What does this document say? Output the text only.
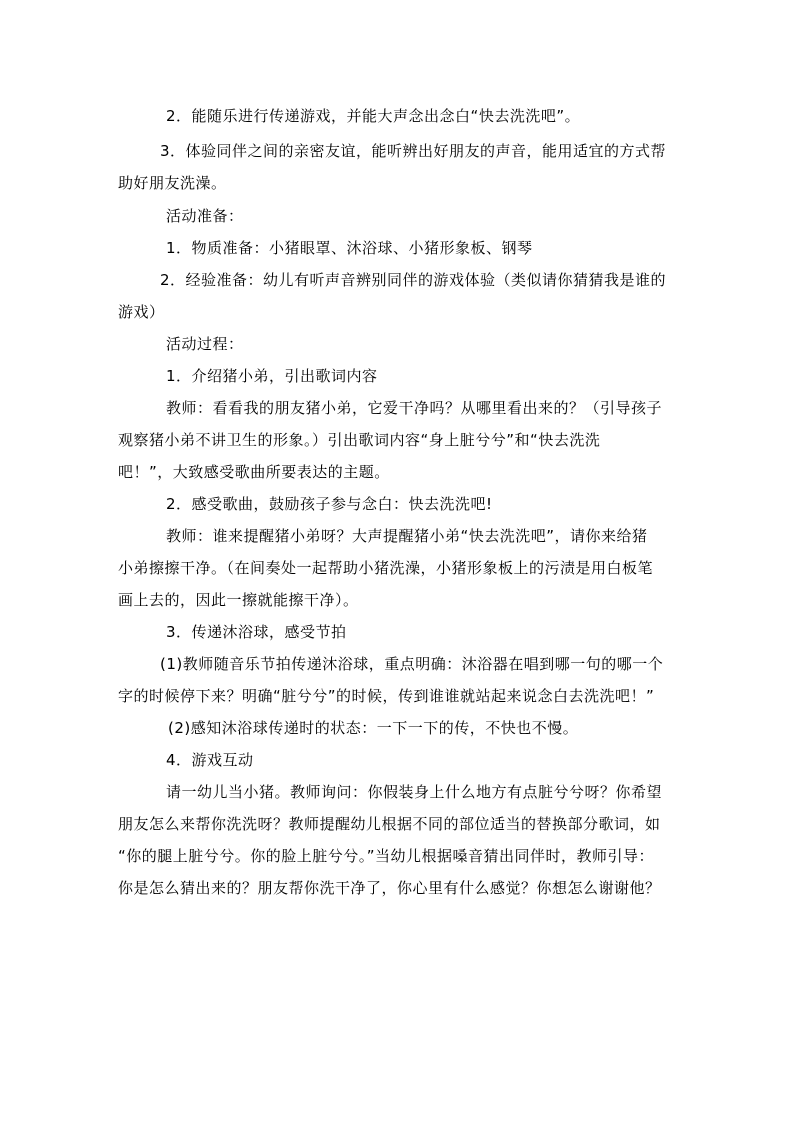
2．能随乐进行传递游戏，并能大声念出念白“快去洗洗吧”。
3．体验同伴之间的亲密友谊，能听辨出好朋友的声音，能用适宜的方式帮
助好朋友洗澡。
活动准备：
1．物质准备：小猪眼罩、沐浴球、小猪形象板、钢琴
2．经验准备：幼儿有听声音辨别同伴的游戏体验（类似请你猜猜我是谁的
游戏）
活动过程：
1．介绍猪小弟，引出歌词内容
教师：看看我的朋友猪小弟，它爱干净吗？从哪里看出来的？（引导孩子
观察猪小弟不讲卫生的形象。）引出歌词内容“身上脏兮兮”和“快去洗洗
吧！”，大致感受歌曲所要表达的主题。
2．感受歌曲，鼓励孩子参与念白：快去洗洗吧!
教师：谁来提醒猪小弟呀？大声提醒猪小弟“快去洗洗吧”，请你来给猪
小弟擦擦干净。（在间奏处一起帮助小猪洗澡，小猪形象板上的污渍是用白板笔
画上去的，因此一擦就能擦干净）。
3．传递沐浴球，感受节拍
(1)教师随音乐节拍传递沐浴球，重点明确：沐浴器在唱到哪一句的哪一个
字的时候停下来？明确“脏兮兮”的时候，传到谁谁就站起来说念白去洗洗吧！”
(2)感知沐浴球传递时的状态：一下一下的传，不快也不慢。
4．游戏互动
请一幼儿当小猪。教师询问：你假装身上什么地方有点脏兮兮呀？你希望
朋友怎么来帮你洗洗呀？教师提醒幼儿根据不同的部位适当的替换部分歌词，如
“你的腿上脏兮兮。你的脸上脏兮兮。”当幼儿根据嗓音猜出同伴时，教师引导：
你是怎么猜出来的？朋友帮你洗干净了，你心里有什么感觉？你想怎么谢谢他？
